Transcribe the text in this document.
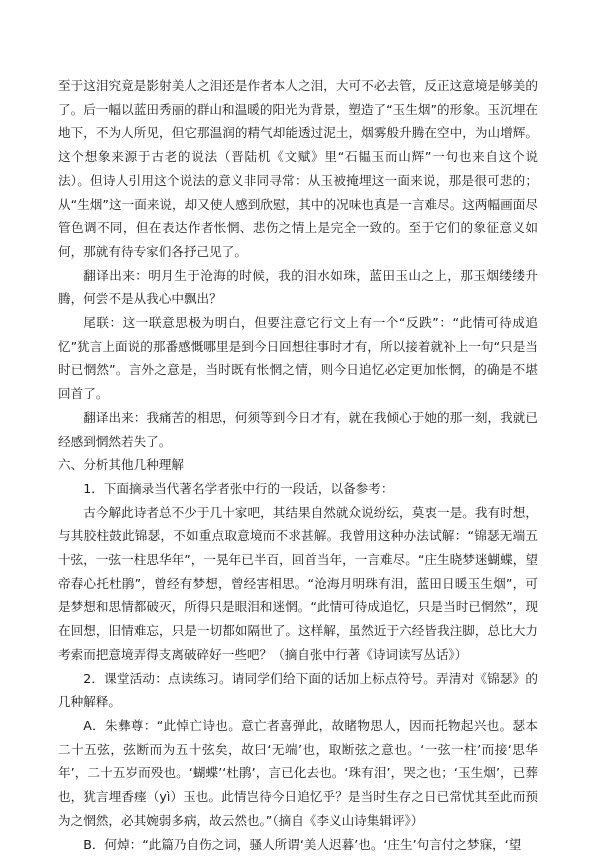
至于这泪究竟是影射美人之泪还是作者本人之泪，大可不必去管，反正这意境是够美的了。后一幅以蓝田秀丽的群山和温暖的阳光为背景，塑造了“玉生烟”的形象。玉沉埋在地下，不为人所见，但它那温润的精气却能透过泥土，烟雾般升腾在空中，为山增辉。这个想象来源于古老的说法（晋陆机《文赋》里“石韫玉而山辉”一句也来自这个说法）。但诗人引用这个说法的意义非同寻常：从玉被掩埋这一面来说，那是很可悲的；从“生烟”这一面来说，却又使人感到欣慰，其中的况味也真是一言难尽。这两幅画面尽管色调不同，但在表达作者怅惘、悲伤之情上是完全一致的。至于它们的象征意义如何，那就有待专家们各抒己见了。

翻译出来：明月生于沧海的时候，我的泪水如珠，蓝田玉山之上，那玉烟缕缕升腾，何尝不是从我心中飘出？

尾联：这一联意思极为明白，但要注意它行文上有一个“反跌”：“此情可待成追忆”犹言上面说的那番感慨哪里是到今日回想往事时才有，所以接着就补上一句“只是当时已惘然”。言外之意是，当时既有怅惘之情，则今日追忆必定更加怅惘，的确是不堪回首了。

翻译出来：我痛苦的相思，何须等到今日才有，就在我倾心于她的那一刻，我就已经感到惘然若失了。

六、分析其他几种理解

1．下面摘录当代著名学者张中行的一段话，以备参考：

古今解此诗者总不少于几十家吧，其结果自然就众说纷纭，莫衷一是。我有时想，与其胶柱鼓此锦瑟，不如重点取意境而不求甚解。我曾用这种办法试解：“锦瑟无端五十弦，一弦一柱思华年”，一晃年已半百，回首当年，一言难尽。“庄生晓梦迷蝴蝶，望帝春心托杜鹃”，曾经有梦想，曾经害相思。“沧海月明珠有泪，蓝田日暖玉生烟”，可是梦想和思情都破灭，所得只是眼泪和迷惘。“此情可待成追忆，只是当时已惘然”，现在回想，旧情难忘，只是一切都如隔世了。这样解，虽然近于六经皆我注脚，总比大力考索而把意境弄得支离破碎好一些吧？（摘自张中行著《诗词读写丛话》）

2．课堂活动：点读练习。请同学们给下面的话加上标点符号。弄清对《锦瑟》的几种解释。

A．朱彝尊：“此悼亡诗也。意亡者喜弹此，故睹物思人，因而托物起兴也。瑟本二十五弦，弦断而为五十弦矣，故曰‘无端’也，取断弦之意也。‘一弦一柱’而接‘思华年’，二十五岁而殁也。‘蝴蝶’‘杜鹃’，言已化去也。‘珠有泪’，哭之也；‘玉生烟’，已葬也，犹言埋香瘗（yì）玉也。此情岂待今日追忆乎？是当时生存之日已常忧其至此而预为之惘然，必其婉弱多病，故云然也。”（摘自《李义山诗集辑评》）

B．何焯：“此篇乃自伤之词，骚人所谓‘美人迟暮’也。‘庄生’句言付之梦寐，‘望
